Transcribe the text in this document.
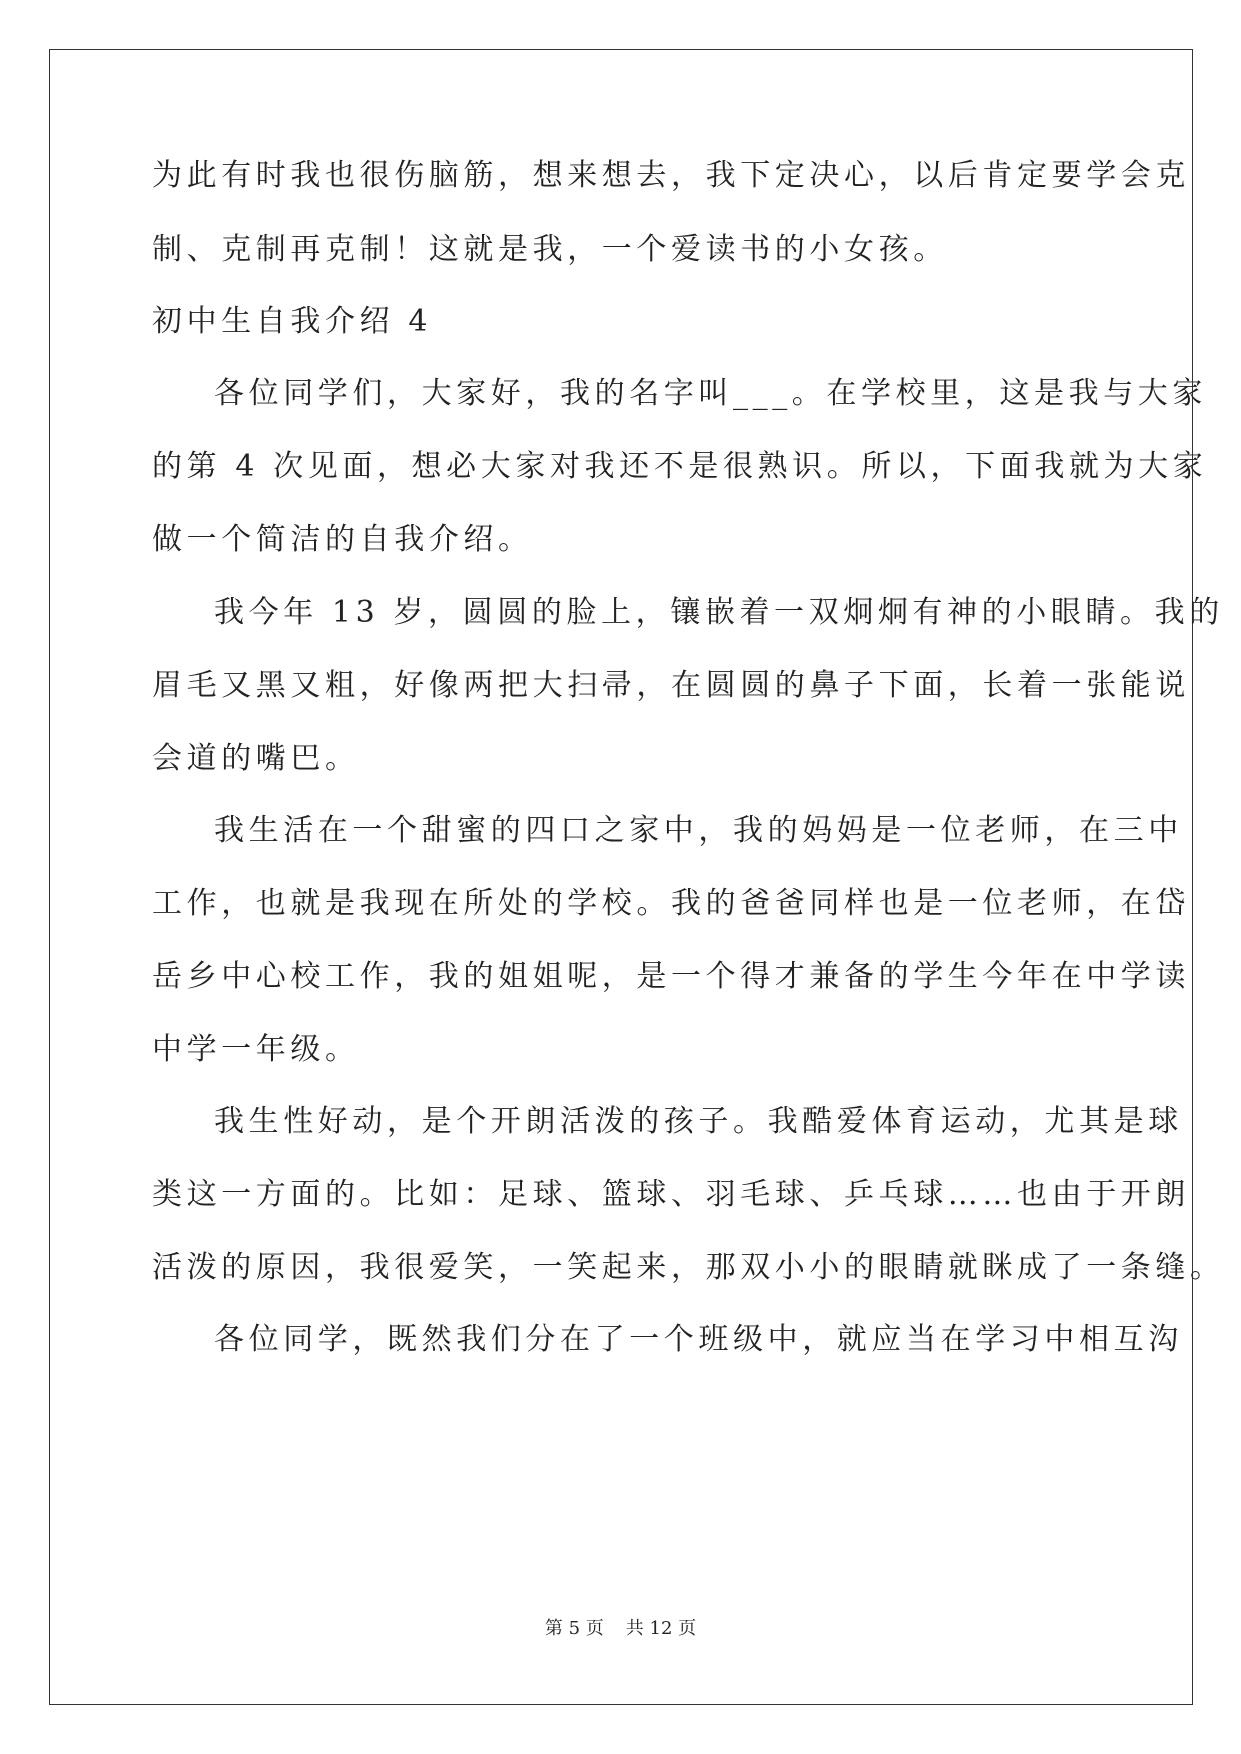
为此有时我也很伤脑筋，想来想去，我下定决心，以后肯定要学会克
制、克制再克制！这就是我，一个爱读书的小女孩。
初中生自我介绍 4
各位同学们，大家好，我的名字叫___。在学校里，这是我与大家
的第 4 次见面，想必大家对我还不是很熟识。所以，下面我就为大家
做一个简洁的自我介绍。
我今年 13 岁，圆圆的脸上，镶嵌着一双炯炯有神的小眼睛。我的
眉毛又黑又粗，好像两把大扫帚，在圆圆的鼻子下面，长着一张能说
会道的嘴巴。
我生活在一个甜蜜的四口之家中，我的妈妈是一位老师，在三中
工作，也就是我现在所处的学校。我的爸爸同样也是一位老师，在岱
岳乡中心校工作，我的姐姐呢，是一个得才兼备的学生今年在中学读
中学一年级。
我生性好动，是个开朗活泼的孩子。我酷爱体育运动，尤其是球
类这一方面的。比如：足球、篮球、羽毛球、乒乓球……也由于开朗
活泼的原因，我很爱笑，一笑起来，那双小小的眼睛就眯成了一条缝。
各位同学，既然我们分在了一个班级中，就应当在学习中相互沟
第 5 页 共 12 页
